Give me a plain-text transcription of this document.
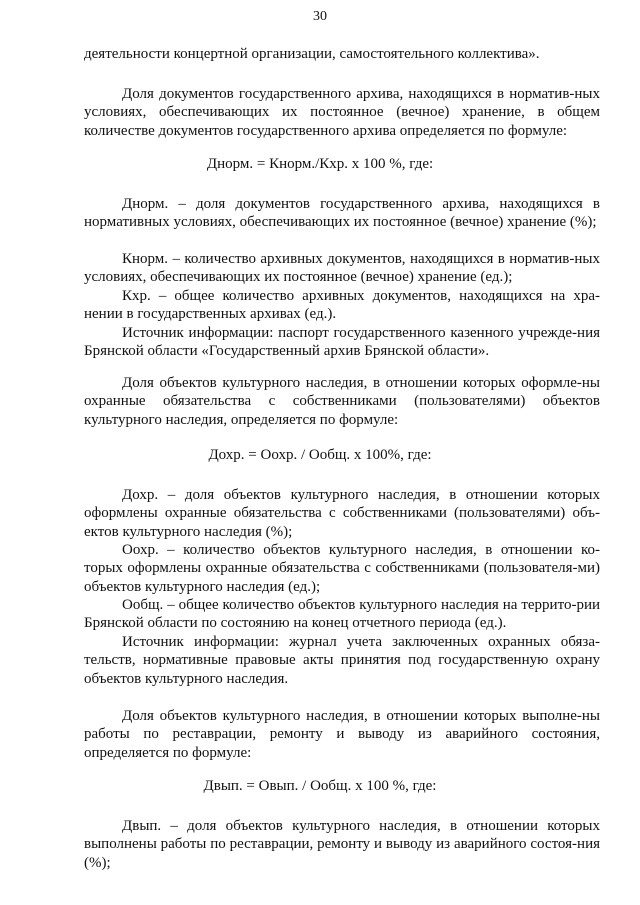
30

деятельности концертной организации, самостоятельного коллектива».

Доля документов государственного архива, находящихся в норматив-ных условиях, обеспечивающих их постоянное (вечное) хранение, в общем количестве документов государственного архива определяется по формуле:

Днорм. = Кнорм./Кхр. х 100 %, где:

Днорм. – доля документов государственного архива, находящихся в нормативных условиях, обеспечивающих их постоянное (вечное) хранение (%);

Кнорм. – количество архивных документов, находящихся в норматив-ных условиях, обеспечивающих их постоянное (вечное) хранение (ед.);

Кхр. – общее количество архивных документов, находящихся на хра-нении в государственных архивах (ед.).

Источник информации: паспорт государственного казенного учрежде-ния Брянской области «Государственный архив Брянской области».

Доля объектов культурного наследия, в отношении которых оформле-ны охранные обязательства с собственниками (пользователями) объектов культурного наследия, определяется по формуле:

Дохр. = Оохр. / Ообщ. х 100%, где:

Дохр. – доля объектов культурного наследия, в отношении которых оформлены охранные обязательства с собственниками (пользователями) объ-ектов культурного наследия (%);

Оохр. – количество объектов культурного наследия, в отношении ко-торых оформлены охранные обязательства с собственниками (пользователя-ми) объектов культурного наследия (ед.);

Ообщ. – общее количество объектов культурного наследия на террито-рии Брянской области по состоянию на конец отчетного периода (ед.).

Источник информации: журнал учета заключенных охранных обяза-тельств, нормативные правовые акты принятия под государственную охрану объектов культурного наследия.

Доля объектов культурного наследия, в отношении которых выполне-ны работы по реставрации, ремонту и выводу из аварийного состояния, определяется по формуле:

Двып. = Овып. / Ообщ. х 100 %, где:

Двып. – доля объектов культурного наследия, в отношении которых выполнены работы по реставрации, ремонту и выводу из аварийного состоя-ния (%);
